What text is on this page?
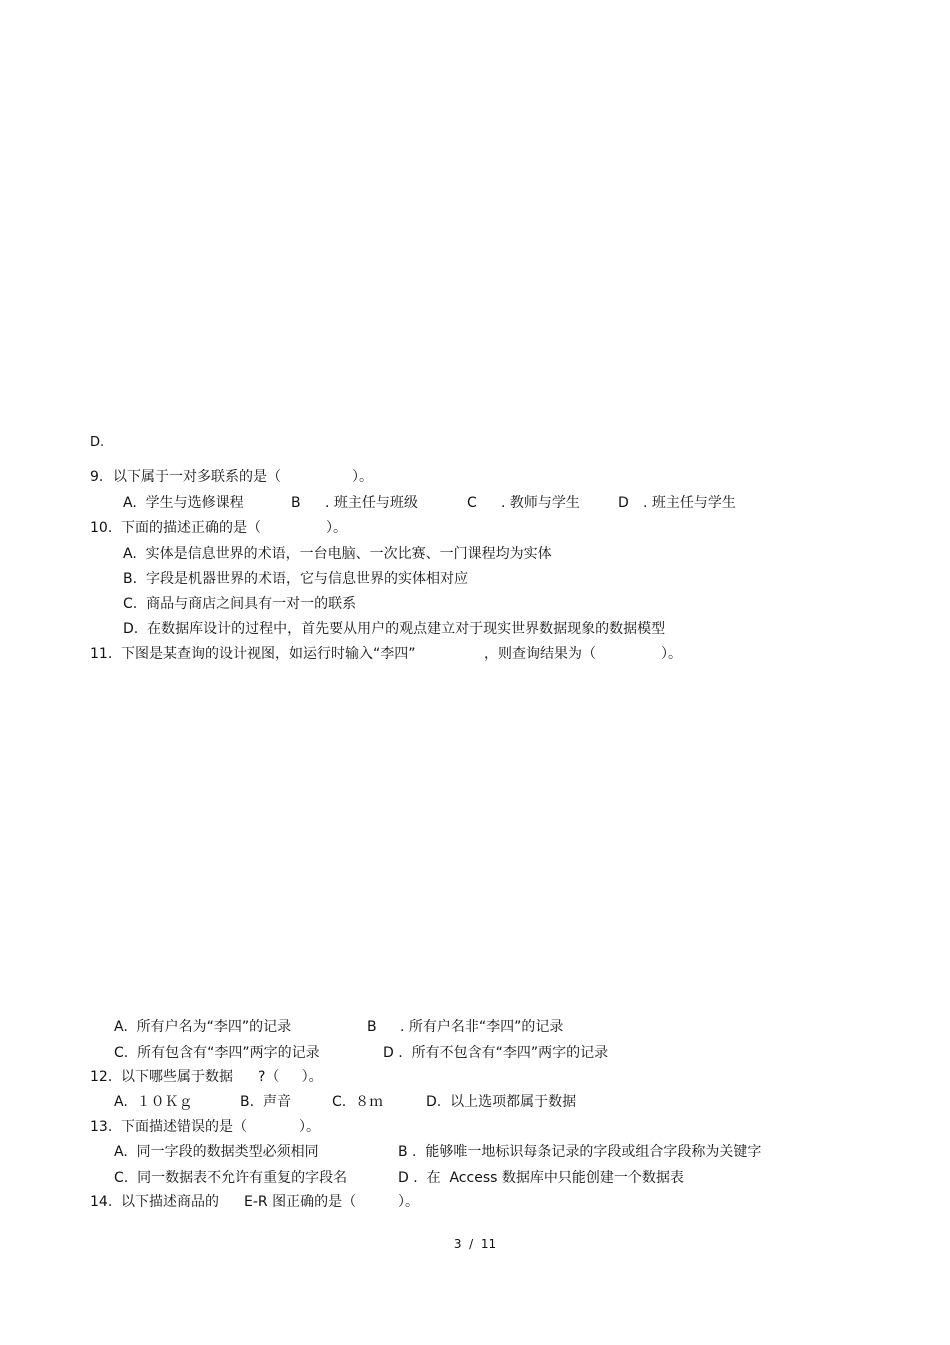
D.
9. 以下属于一对多联系的是（	）。
A.  学生与选修课程	B . 班主任与班级	C . 教师与学生	D . 班主任与学生
10. 下面的描述正确的是（	）。
A.  实体是信息世界的术语，一台电脑、一次比赛、一门课程均为实体
B.  字段是机器世界的术语，它与信息世界的实体相对应
C.  商品与商店之间具有一对一的联系
D.  在数据库设计的过程中，首先要从用户的观点建立对于现实世界数据现象的数据模型
11. 下图是某查询的设计视图，如运行时输入“李四”	，则查询结果为（	）。
A.  所有户名为“李四”的记录	B . 所有户名非“李四”的记录
C.  所有包含有“李四”两字的记录	D .  所有不包含有“李四”两字的记录
12. 以下哪些属于数据 ?（     ）。
A.  １０Ｋｇ	B.  声音	C.  ８ｍ	D.  以上选项都属于数据
13. 下面描述错误的是（	）。
A.  同一字段的数据类型必须相同	B .  能够唯一地标识每条记录的字段或组合字段称为关键字
C.  同一数据表不允许有重复的字段名	D .  在  Access 数据库中只能创建一个数据表
14. 以下描述商品的 E-R 图正确的是（	）。
3  /  11
